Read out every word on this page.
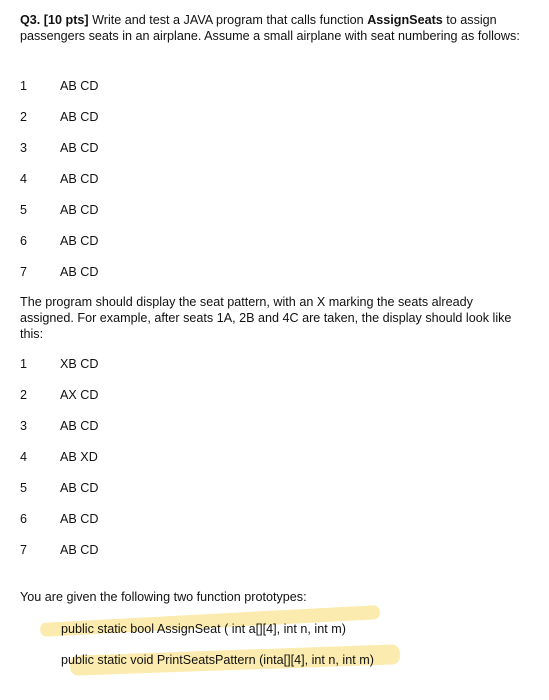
Q3. [10 pts] Write and test a JAVA program that calls function AssignSeats to assign passengers seats in an airplane. Assume a small airplane with seat numbering as follows:

1	AB CD
2	AB CD
3	AB CD
4	AB CD
5	AB CD
6	AB CD
7	AB CD

The program should display the seat pattern, with an X marking the seats already assigned. For example, after seats 1A, 2B and 4C are taken, the display should look like this:

1	XB CD
2	AX CD
3	AB CD
4	AB XD
5	AB CD
6	AB CD
7	AB CD

You are given the following two function prototypes:

public static bool AssignSeat ( int a[][4], int n, int m)
public static void PrintSeatsPattern (inta[][4], int n, int m)
